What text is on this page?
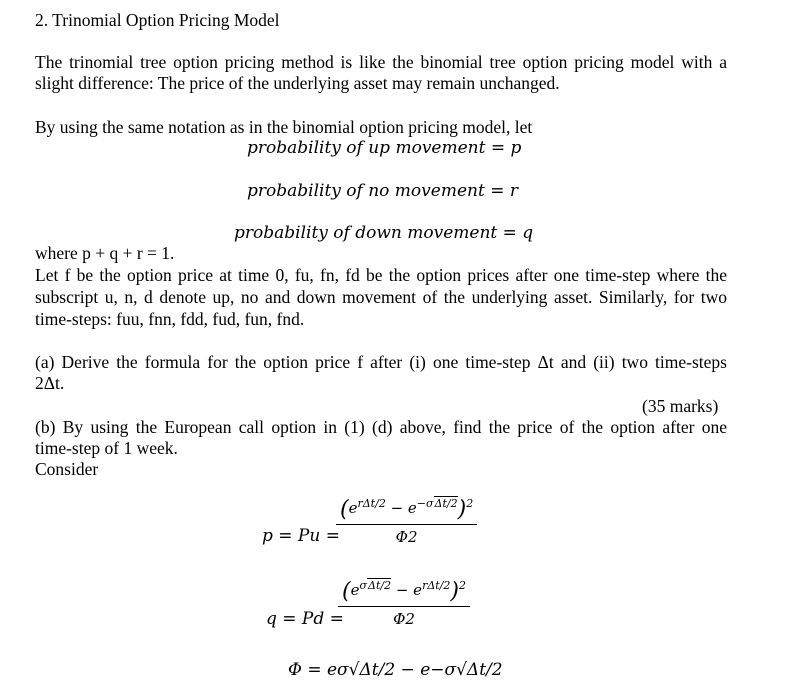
2. Trinomial Option Pricing Model
The trinomial tree option pricing method is like the binomial tree option pricing model with a
slight difference: The price of the underlying asset may remain unchanged.
By using the same notation as in the binomial option pricing model, let
probability of up movement = p
probability of no movement = r
probability of down movement = q
where p + q + r = 1.
Let f be the option price at time 0, fu, fn, fd be the option prices after one time-step where the
subscript u, n, d denote up, no and down movement of the underlying asset. Similarly, for two
time-steps: fuu, fnn, fdd, fud, fun, fnd.
(a) Derive the formula for the option price f after (i) one time-step Δt and (ii) two time-steps
2Δt.
(35 marks)
(b) By using the European call option in (1) (d) above, find the price of the option after one
time-step of 1 week.
Consider
p = Pu =
$\frac{(e^{r\Delta t/2} - e^{-\sigma\Delta t/2})^2}{\Phi 2}$
q = Pd =
$\frac{(e^{\sigma\Delta t/2} - e^{r\Delta t/2})^2}{\Phi 2}$
Φ = eσ√Δt/2 − e−σ√Δt/2
